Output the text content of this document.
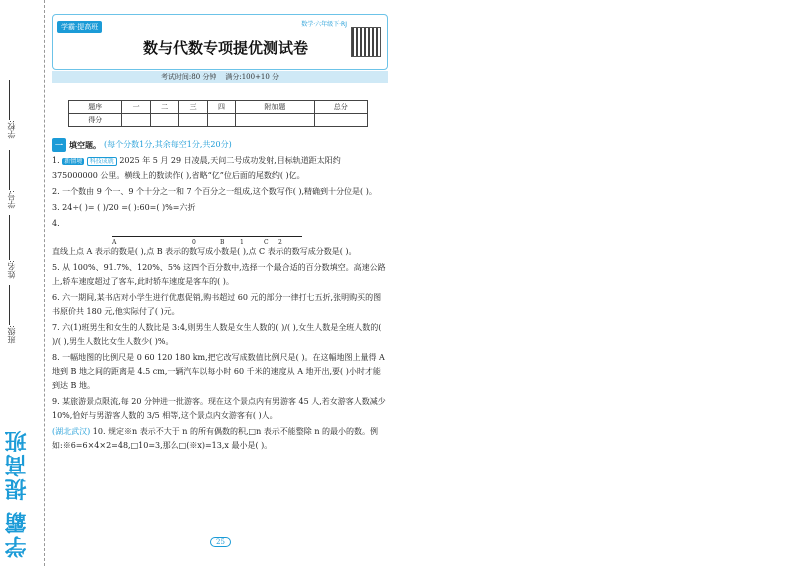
学校:
学号:
姓名:
班级:
学霸 提高班
学霸·提高班	数学·六年级下·RJ
数与代数专项提优测试卷
考试时间:80 分钟 满分:100+10 分
题序	一	二	三	四	附加题	总分
得分						
一 填空题。 (每个分数1分,其余每空1分,共20分)
1. 新情境 科技成就 2025 年 5 月 29 日凌晨,天问二号成功发射,目标轨道距太阳约 375000000 公里。横线上的数读作( ),省略“亿”位后面的尾数约( )亿。
2. 一个数由 9 个一、9 个十分之一和 7 个百分之一组成,这个数写作( ),精确到十分位是( )。
3. 24÷( )= ( )/20 =( ):60=( )%=六折
4.
A	0	B	1	C 2
直线上点 A 表示的数是( ),点 B 表示的数写成小数是( ),点 C 表示的数写成分数是( )。
5. 从 100%、91.7%、120%、5% 这四个百分数中,选择一个最合适的百分数填空。高速公路上,轿车速度超过了客车,此时轿车速度是客车的( )。
6. 六一期间,某书店对小学生进行优惠促销,购书超过 60 元的部分一律打七五折,张明购买的图书原价共 180 元,他实际付了( )元。
7. 六(1)班男生和女生的人数比是 3:4,则男生人数是女生人数的( )/( ),女生人数是全班人数的( )/( ),男生人数比女生人数少( )%。
8. 一幅地图的比例尺是 0 60 120 180 km,把它改写成数值比例尺是( )。在这幅地图上量得 A 地到 B 地之间的距离是 4.5 cm,一辆汽车以每小时 60 千米的速度从 A 地开出,要( )小时才能到达 B 地。
9. 某旅游景点限流,每 20 分钟进一批游客。现在这个景点内有男游客 45 人,若女游客人数减少 10%,恰好与男游客人数的 3/5 相等,这个景点内女游客有( )人。
(湖北武汉) 10. 规定※n 表示不大于 n 的所有偶数的积,□n 表示不能整除 n 的最小的数。例如:※6=6×4×2=48,□10=3,那么□(※x)=13,x 最小是( )。
25
